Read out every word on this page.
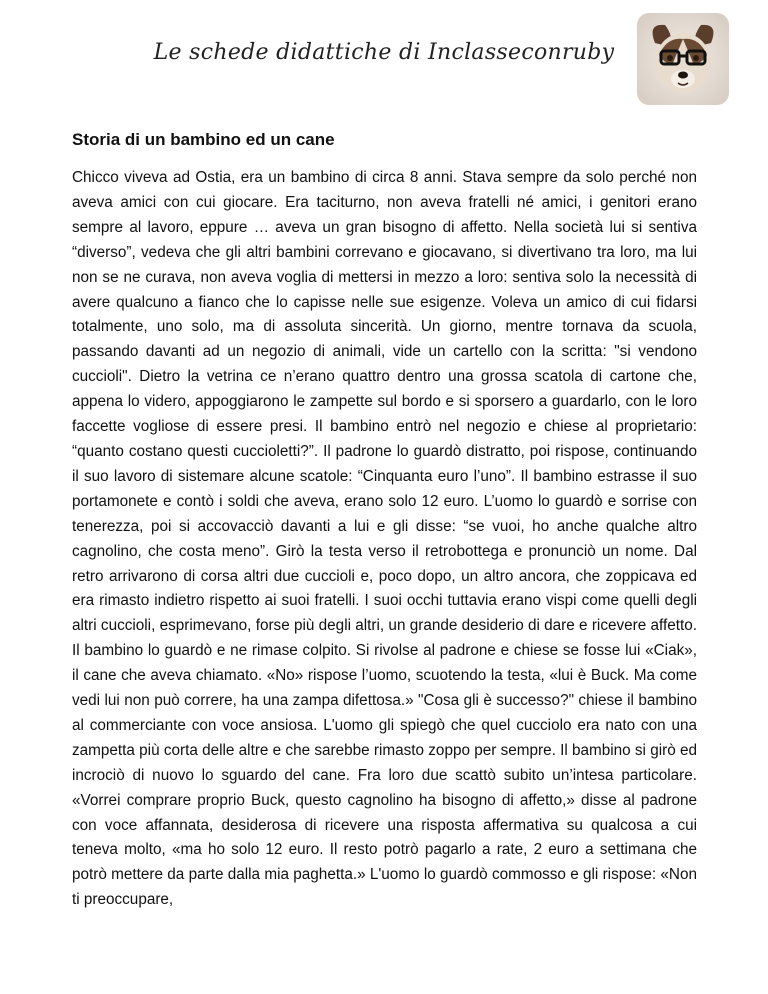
Le schede didattiche di Inclasseconruby
Storia di un bambino ed un cane

Chicco viveva ad Ostia, era un bambino di circa 8 anni. Stava sempre da solo perché non aveva amici con cui giocare. Era taciturno, non aveva fratelli né amici, i genitori erano sempre al lavoro, eppure … aveva un gran bisogno di affetto. Nella società lui si sentiva “diverso”, vedeva che gli altri bambini correvano e giocavano, si divertivano tra loro, ma lui non se ne curava, non aveva voglia di mettersi in mezzo a loro: sentiva solo la necessità di avere qualcuno a fianco che lo capisse nelle sue esigenze. Voleva un amico di cui fidarsi totalmente, uno solo, ma di assoluta sincerità. Un giorno, mentre tornava da scuola, passando davanti ad un negozio di animali, vide un cartello con la scritta: "si vendono cuccioli". Dietro la vetrina ce n’erano quattro dentro una grossa scatola di cartone che, appena lo videro, appoggiarono le zampette sul bordo e si sporsero a guardarlo, con le loro faccette vogliose di essere presi. Il bambino entrò nel negozio e chiese al proprietario: “quanto costano questi cuccioletti?”. Il padrone lo guardò distratto, poi rispose, continuando il suo lavoro di sistemare alcune scatole: “Cinquanta euro l’uno”. Il bambino estrasse il suo portamonete e contò i soldi che aveva, erano solo 12 euro. L’uomo lo guardò e sorrise con tenerezza, poi si accovacciò davanti a lui e gli disse: “se vuoi, ho anche qualche altro cagnolino, che costa meno”. Girò la testa verso il retrobottega e pronunciò un nome. Dal retro arrivarono di corsa altri due cuccioli e, poco dopo, un altro ancora, che zoppicava ed era rimasto indietro rispetto ai suoi fratelli. I suoi occhi tuttavia erano vispi come quelli degli altri cuccioli, esprimevano, forse più degli altri, un grande desiderio di dare e ricevere affetto. Il bambino lo guardò e ne rimase colpito. Si rivolse al padrone e chiese se fosse lui «Ciak», il cane che aveva chiamato. «No» rispose l’uomo, scuotendo la testa, «lui è Buck. Ma come vedi lui non può correre, ha una zampa difettosa.» "Cosa gli è successo?" chiese il bambino al commerciante con voce ansiosa. L'uomo gli spiegò che quel cucciolo era nato con una zampetta più corta delle altre e che sarebbe rimasto zoppo per sempre. Il bambino si girò ed incrociò di nuovo lo sguardo del cane. Fra loro due scattò subito un’intesa particolare. «Vorrei comprare proprio Buck, questo cagnolino ha bisogno di affetto,» disse al padrone con voce affannata, desiderosa di ricevere una risposta affermativa su qualcosa a cui teneva molto, «ma ho solo 12 euro. Il resto potrò pagarlo a rate, 2 euro a settimana che potrò mettere da parte dalla mia paghetta.» L'uomo lo guardò commosso e gli rispose: «Non ti preoccupare,
